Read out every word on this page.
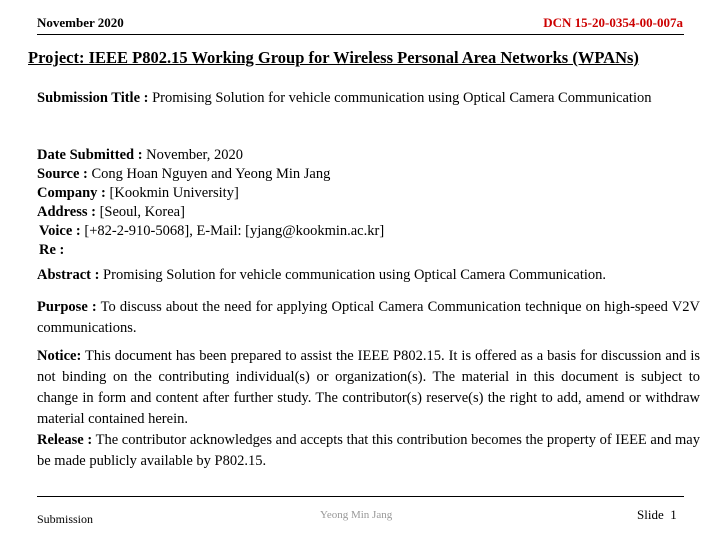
November 2020	DCN 15-20-0354-00-007a
Project: IEEE P802.15 Working Group for Wireless Personal Area Networks (WPANs)
Submission Title : Promising Solution for vehicle communication using Optical Camera Communication
Date Submitted : November, 2020
Source : Cong Hoan Nguyen and Yeong Min Jang
Company : [Kookmin University]
Address : [Seoul, Korea]
Voice : [+82-2-910-5068], E-Mail: [yjang@kookmin.ac.kr]
Re :
Abstract : Promising Solution for vehicle communication using Optical Camera Communication.
Purpose : To discuss about the need for applying Optical Camera Communication technique on high-speed V2V communications.
Notice: This document has been prepared to assist the IEEE P802.15. It is offered as a basis for discussion and is not binding on the contributing individual(s) or organization(s). The material in this document is subject to change in form and content after further study. The contributor(s) reserve(s) the right to add, amend or withdraw material contained herein.
Release : The contributor acknowledges and accepts that this contribution becomes the property of IEEE and may be made publicly available by P802.15.
Submission	Yeong Min Jang	Slide 1
